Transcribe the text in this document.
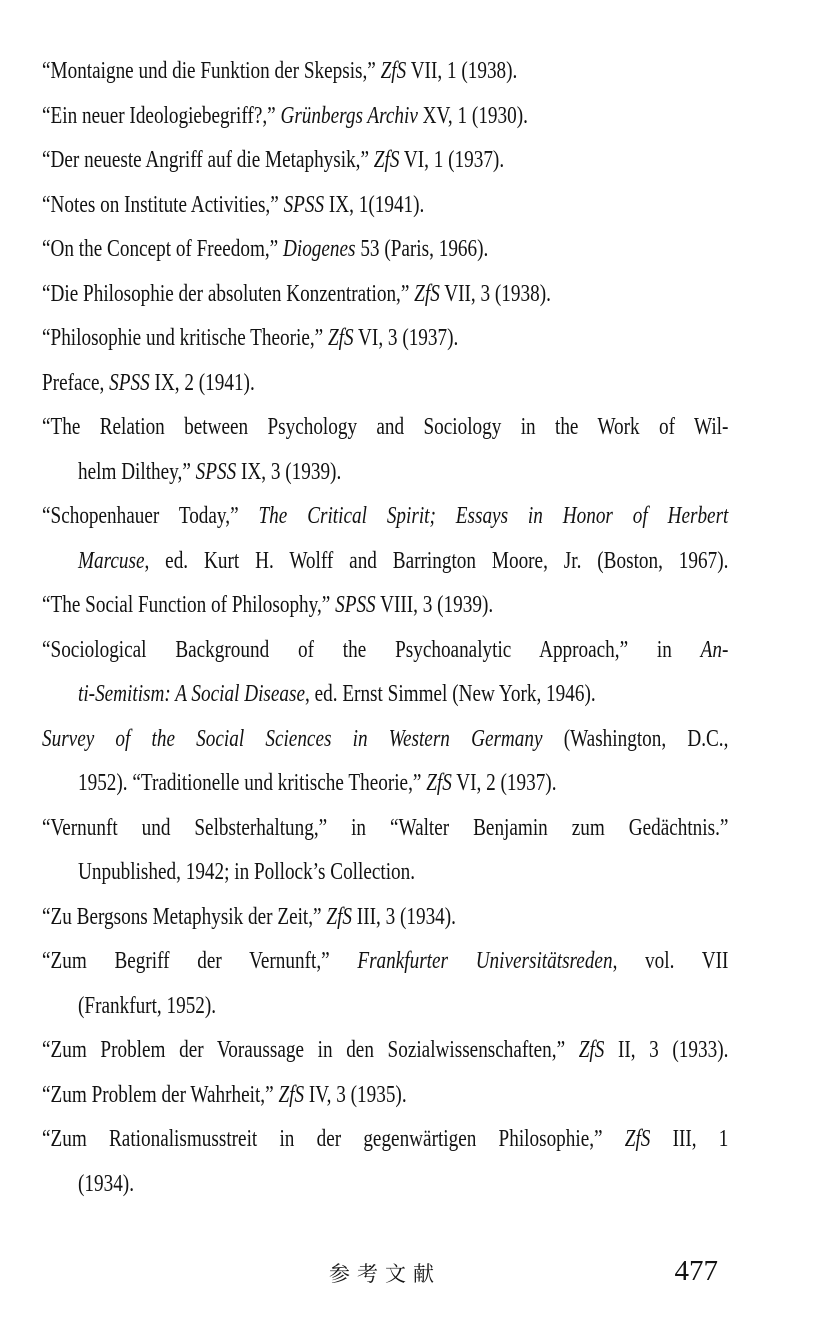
“Montaigne und die Funktion der Skepsis,” ZfS VII, 1 (1938).
“Ein neuer Ideologiebegriff?,” Grünbergs Archiv XV, 1 (1930).
“Der neueste Angriff auf die Metaphysik,” ZfS VI, 1 (1937).
“Notes on Institute Activities,” SPSS IX, 1(1941).
“On the Concept of Freedom,” Diogenes 53 (Paris, 1966).
“Die Philosophie der absoluten Konzentration,” ZfS VII, 3 (1938).
“Philosophie und kritische Theorie,” ZfS VI, 3 (1937).
Preface, SPSS IX, 2 (1941).
“The Relation between Psychology and Sociology in the Work of Wil-
helm Dilthey,” SPSS IX, 3 (1939).
“Schopenhauer Today,” The Critical Spirit; Essays in Honor of Herbert
Marcuse, ed. Kurt H. Wolff and Barrington Moore, Jr. (Boston, 1967).
“The Social Function of Philosophy,” SPSS VIII, 3 (1939).
“Sociological Background of the Psychoanalytic Approach,” in An-
ti-Semitism: A Social Disease, ed. Ernst Simmel (New York, 1946).
Survey of the Social Sciences in Western Germany (Washington, D.C.,
1952). “Traditionelle und kritische Theorie,” ZfS VI, 2 (1937).
“Vernunft und Selbsterhaltung,” in “Walter Benjamin zum Gedächtnis.”
Unpublished, 1942; in Pollock’s Collection.
“Zu Bergsons Metaphysik der Zeit,” ZfS III, 3 (1934).
“Zum Begriff der Vernunft,” Frankfurter Universitätsreden, vol. VII
(Frankfurt, 1952).
“Zum Problem der Voraussage in den Sozialwissenschaften,” ZfS II, 3 (1933).
“Zum Problem der Wahrheit,” ZfS IV, 3 (1935).
“Zum Rationalismusstreit in der gegenwärtigen Philosophie,” ZfS III, 1
(1934).
参考文献	477
